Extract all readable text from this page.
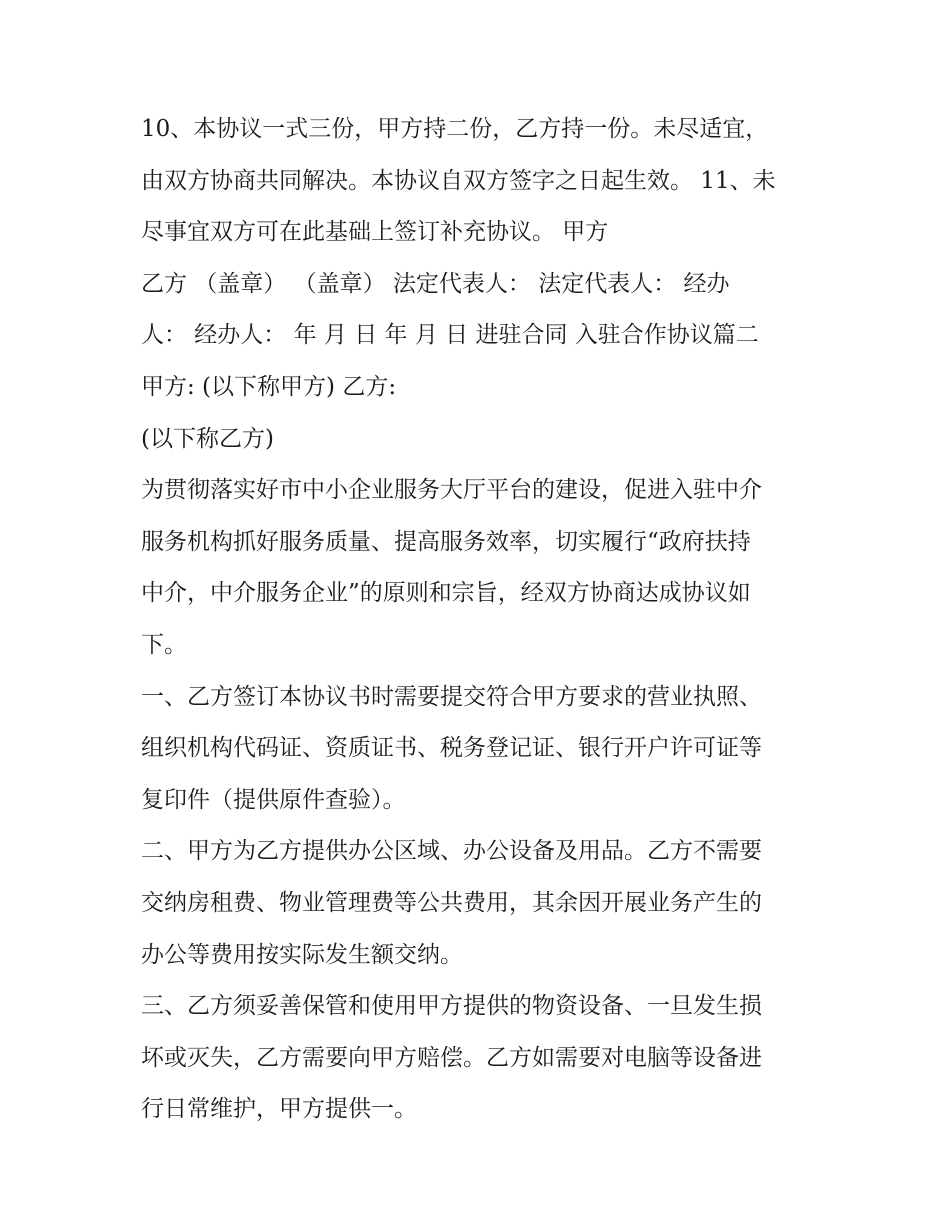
10、本协议一式三份，甲方持二份，乙方持一份。未尽适宜，
由双方协商共同解决。本协议自双方签字之日起生效。 11、未
尽事宜双方可在此基础上签订补充协议。 甲方
乙方 （盖章） （盖章） 法定代表人： 法定代表人： 经办
人： 经办人： 年 月 日 年 月 日 进驻合同 入驻合作协议篇二
甲方: (以下称甲方) 乙方:
(以下称乙方)
为贯彻落实好市中小企业服务大厅平台的建设，促进入驻中介
服务机构抓好服务质量、提高服务效率，切实履行“政府扶持
中介，中介服务企业”的原则和宗旨，经双方协商达成协议如
下。
一、乙方签订本协议书时需要提交符合甲方要求的营业执照、
组织机构代码证、资质证书、税务登记证、银行开户许可证等
复印件（提供原件查验）。
二、甲方为乙方提供办公区域、办公设备及用品。乙方不需要
交纳房租费、物业管理费等公共费用，其余因开展业务产生的
办公等费用按实际发生额交纳。
三、乙方须妥善保管和使用甲方提供的物资设备、一旦发生损
坏或灭失，乙方需要向甲方赔偿。乙方如需要对电脑等设备进
行日常维护，甲方提供一。
